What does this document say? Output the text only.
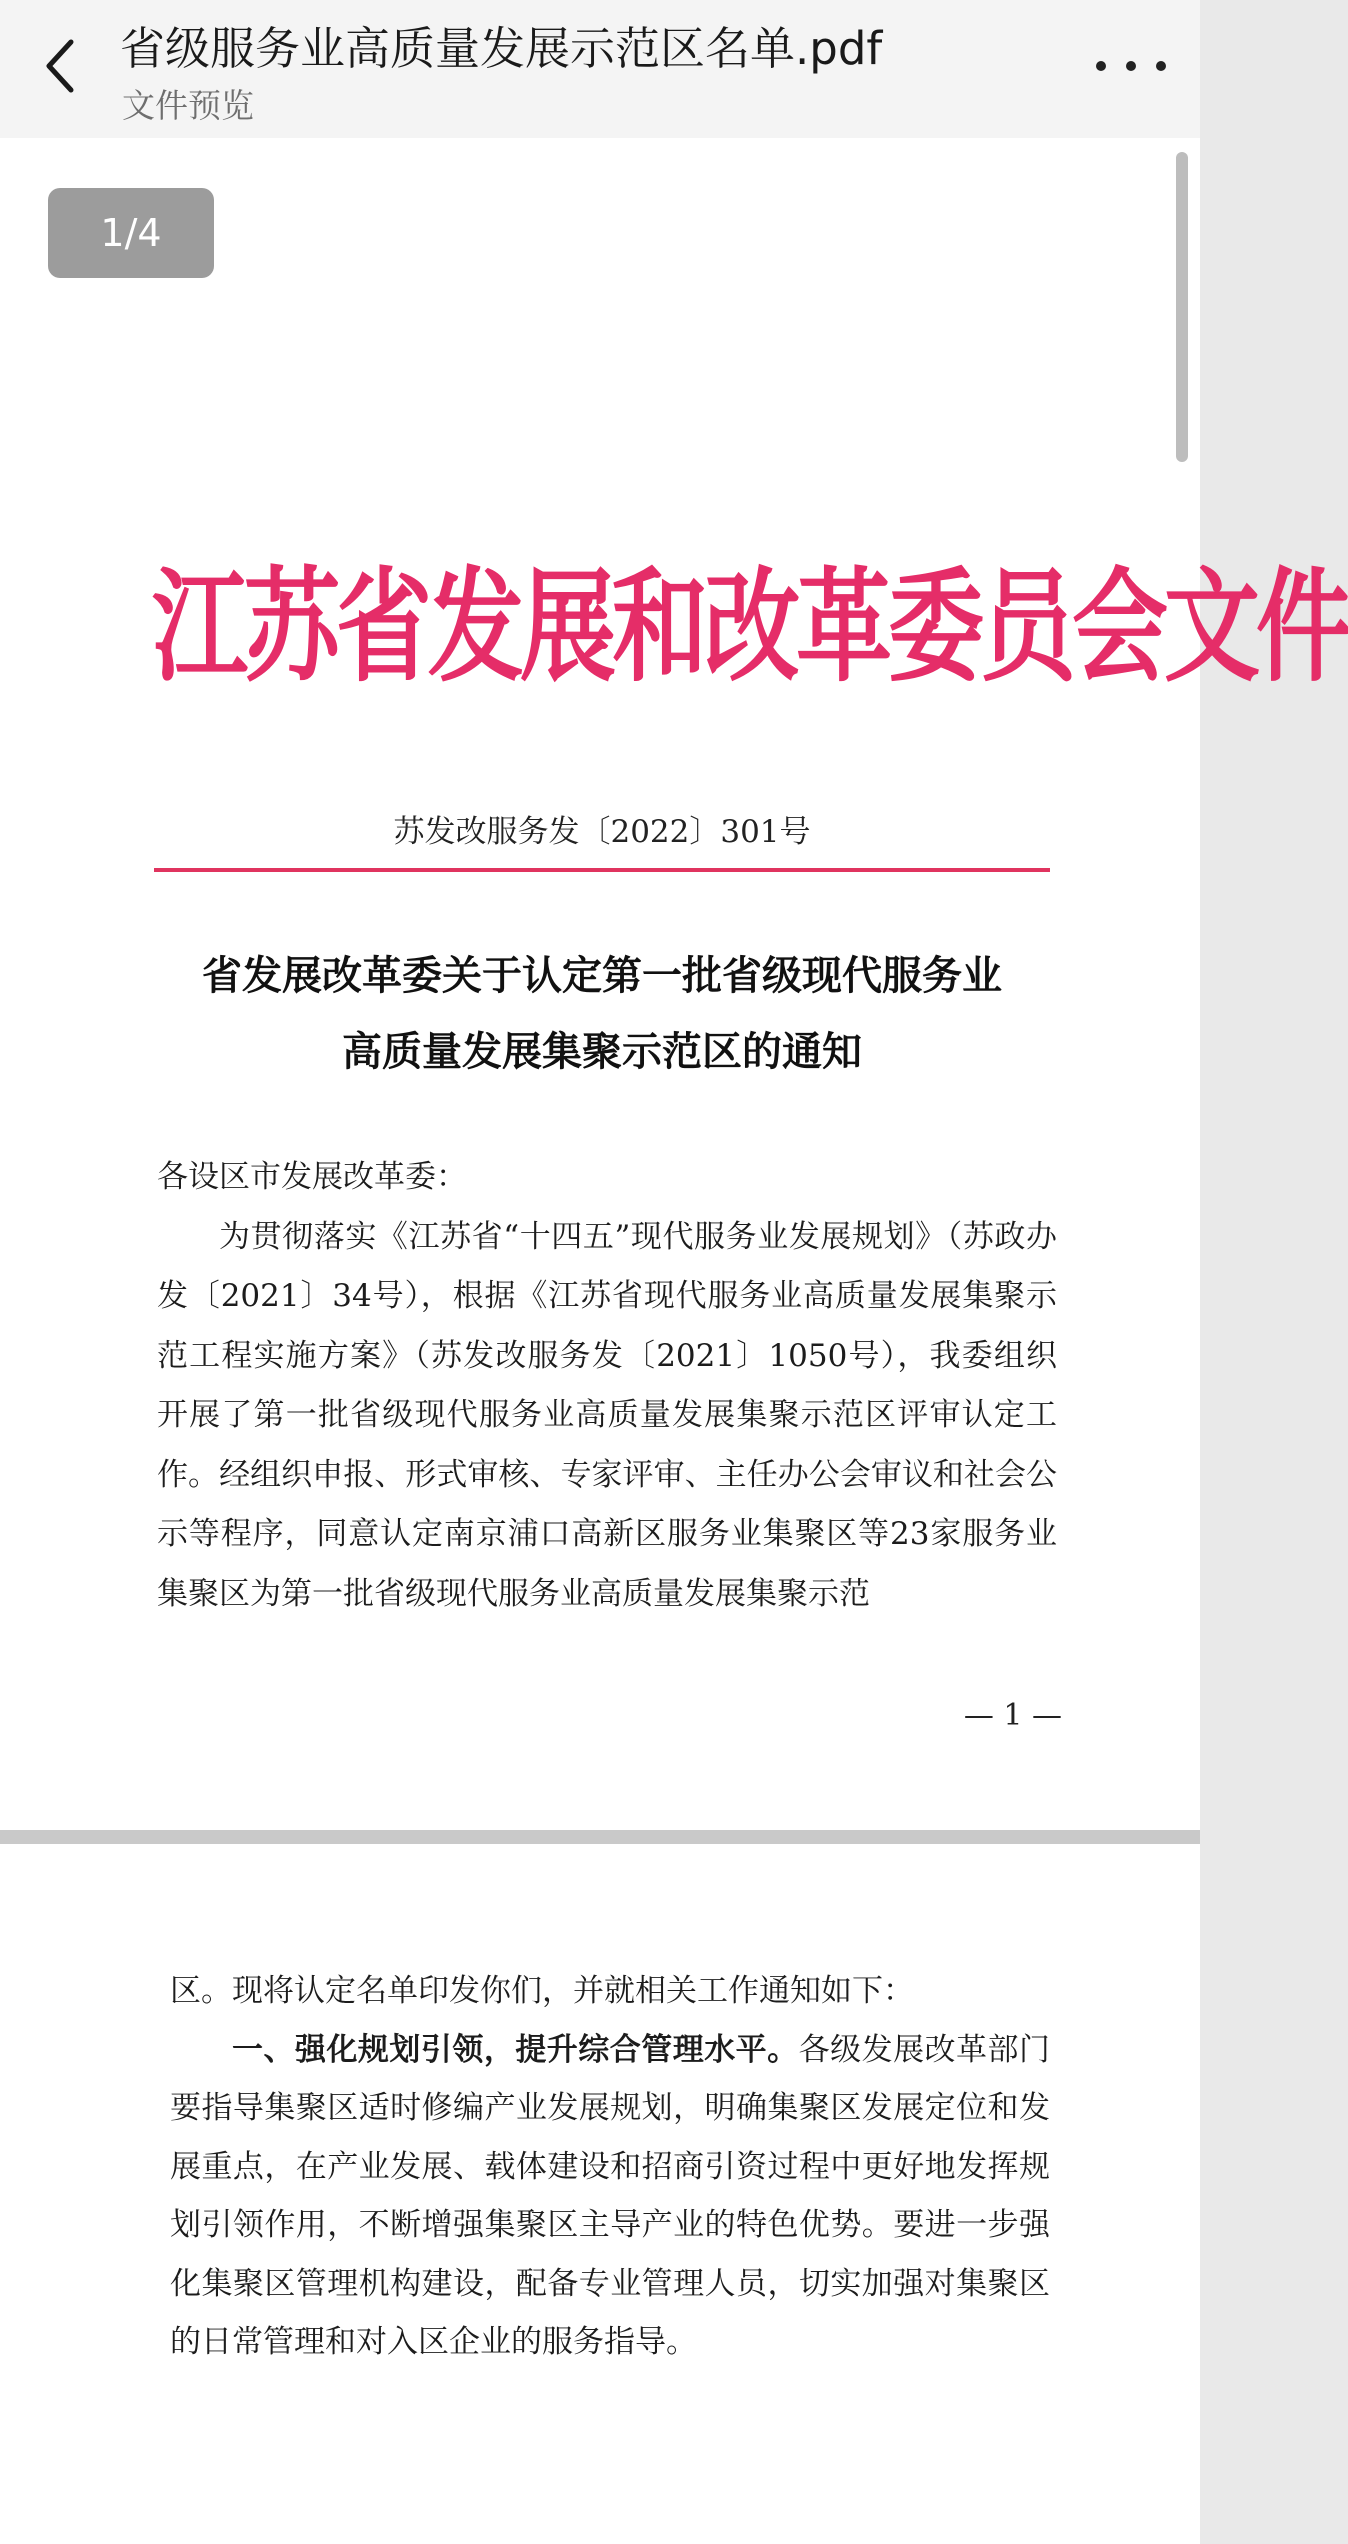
省级服务业高质量发展示范区名单.pdf
文件预览
江苏省发展和改革委员会文件
苏发改服务发〔2022〕301号
省发展改革委关于认定第一批省级现代服务业
高质量发展集聚示范区的通知

各设区市发展改革委：

为贯彻落实《江苏省“十四五”现代服务业发展规划》（苏政办发〔2021〕34号），根据《江苏省现代服务业高质量发展集聚示范工程实施方案》（苏发改服务发〔2021〕1050号），我委组织开展了第一批省级现代服务业高质量发展集聚示范区评审认定工作。经组织申报、形式审核、专家评审、主任办公会审议和社会公示等程序，同意认定南京浦口高新区服务业集聚区等23家服务业集聚区为第一批省级现代服务业高质量发展集聚示范

— 1 —

区。现将认定名单印发你们，并就相关工作通知如下：

一、强化规划引领，提升综合管理水平。各级发展改革部门要指导集聚区适时修编产业发展规划，明确集聚区发展定位和发展重点，在产业发展、载体建设和招商引资过程中更好地发挥规划引领作用，不断增强集聚区主导产业的特色优势。要进一步强化集聚区管理机构建设，配备专业管理人员，切实加强对集聚区的日常管理和对入区企业的服务指导。

1/4
